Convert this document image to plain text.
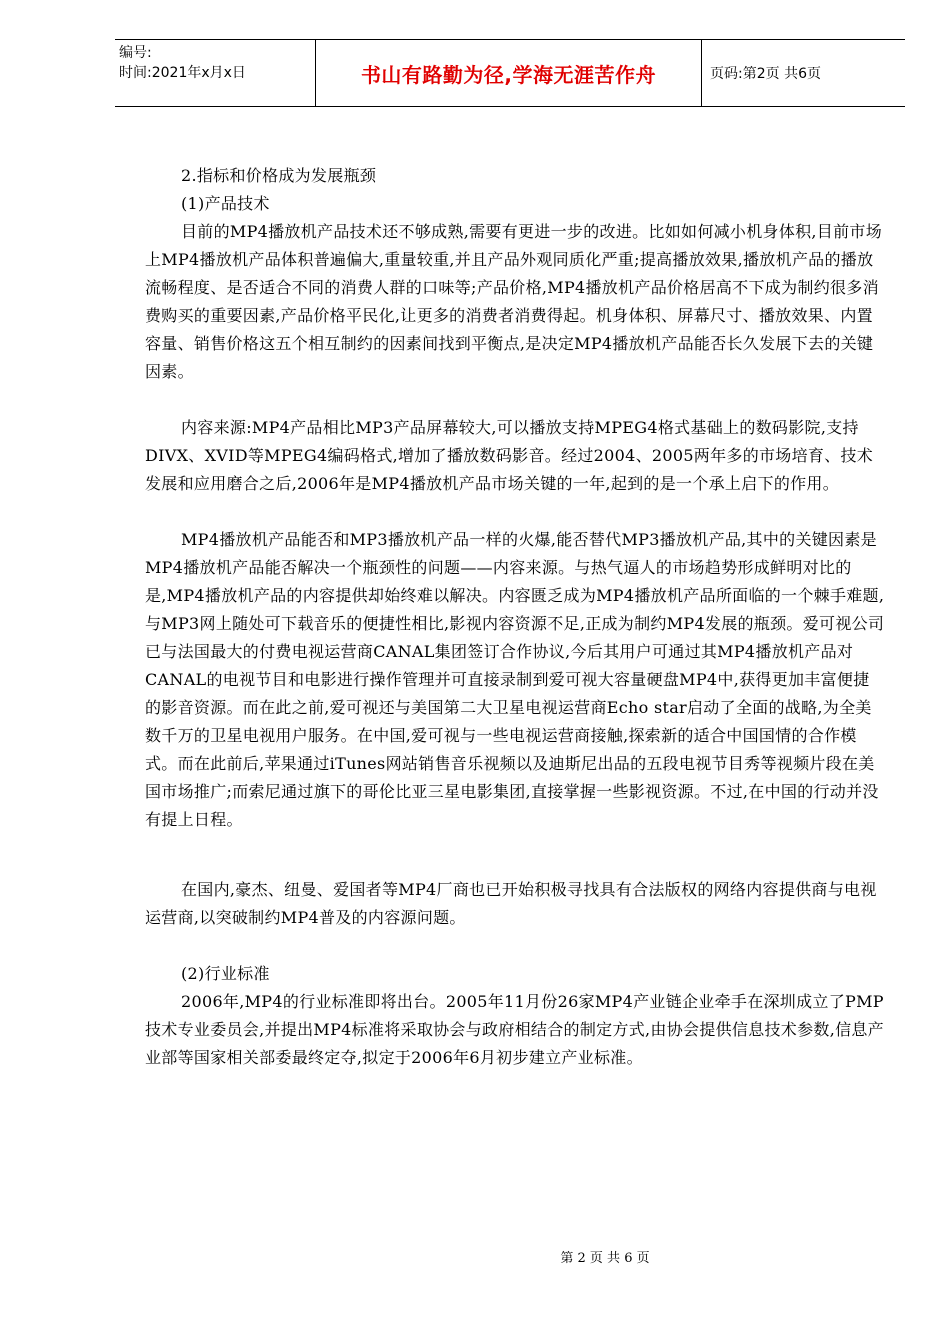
编号:
时间:2021年x月x日	书山有路勤为径,学海无涯苦作舟	页码:第2页 共6页

2.指标和价格成为发展瓶颈

(1)产品技术

目前的MP4播放机产品技术还不够成熟,需要有更进一步的改进。比如如何减小机身体积,目前市场上MP4播放机产品体积普遍偏大,重量较重,并且产品外观同质化严重;提高播放效果,播放机产品的播放流畅程度、是否适合不同的消费人群的口味等;产品价格,MP4播放机产品价格居高不下成为制约很多消费购买的重要因素,产品价格平民化,让更多的消费者消费得起。机身体积、屏幕尺寸、播放效果、内置容量、销售价格这五个相互制约的因素间找到平衡点,是决定MP4播放机产品能否长久发展下去的关键因素。

内容来源:MP4产品相比MP3产品屏幕较大,可以播放支持MPEG4格式基础上的数码影院,支持DIVX、XVID等MPEG4编码格式,增加了播放数码影音。经过2004、2005两年多的市场培育、技术发展和应用磨合之后,2006年是MP4播放机产品市场关键的一年,起到的是一个承上启下的作用。

MP4播放机产品能否和MP3播放机产品一样的火爆,能否替代MP3播放机产品,其中的关键因素是MP4播放机产品能否解决一个瓶颈性的问题——内容来源。与热气逼人的市场趋势形成鲜明对比的是,MP4播放机产品的内容提供却始终难以解决。内容匮乏成为MP4播放机产品所面临的一个棘手难题,与MP3网上随处可下载音乐的便捷性相比,影视内容资源不足,正成为制约MP4发展的瓶颈。爱可视公司已与法国最大的付费电视运营商CANAL集团签订合作协议,今后其用户可通过其MP4播放机产品对CANAL的电视节目和电影进行操作管理并可直接录制到爱可视大容量硬盘MP4中,获得更加丰富便捷的影音资源。而在此之前,爱可视还与美国第二大卫星电视运营商Echo star启动了全面的战略,为全美数千万的卫星电视用户服务。在中国,爱可视与一些电视运营商接触,探索新的适合中国国情的合作模式。而在此前后,苹果通过iTunes网站销售音乐视频以及迪斯尼出品的五段电视节目秀等视频片段在美国市场推广;而索尼通过旗下的哥伦比亚三星电影集团,直接掌握一些影视资源。不过,在中国的行动并没有提上日程。

在国内,豪杰、纽曼、爱国者等MP4厂商也已开始积极寻找具有合法版权的网络内容提供商与电视运营商,以突破制约MP4普及的内容源问题。

(2)行业标准

2006年,MP4的行业标准即将出台。2005年11月份26家MP4产业链企业牵手在深圳成立了PMP技术专业委员会,并提出MP4标准将采取协会与政府相结合的制定方式,由协会提供信息技术参数,信息产业部等国家相关部委最终定夺,拟定于2006年6月初步建立产业标准。

第 2 页 共 6 页
